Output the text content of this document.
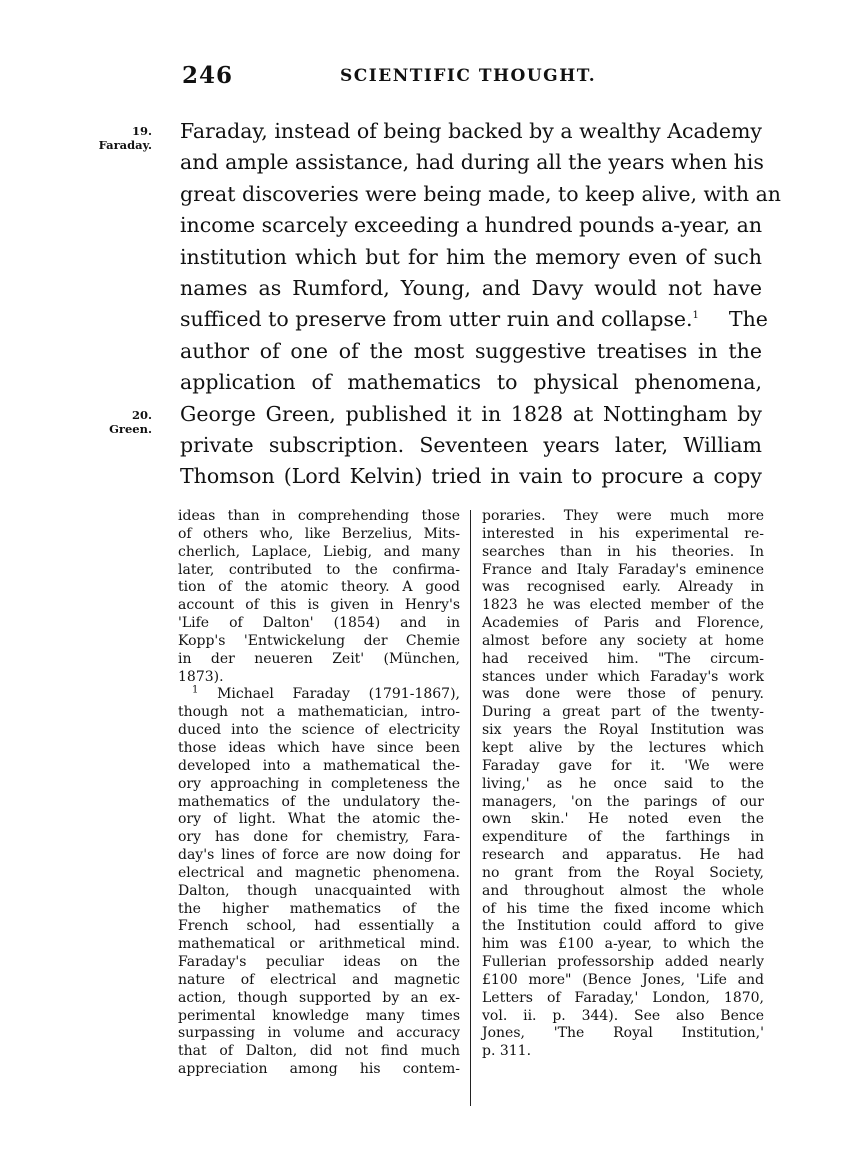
246	SCIENTIFIC THOUGHT.
19.
Faraday.
20.
Green.
Faraday, instead of being backed by a wealthy Academy
and ample assistance, had during all the years when his
great discoveries were being made, to keep alive, with an
income scarcely exceeding a hundred pounds a-year, an
institution which but for him the memory even of such
names as Rumford, Young, and Davy would not have
sufficed to preserve from utter ruin and collapse.$^1$ The
author of one of the most suggestive treatises in the
application of mathematics to physical phenomena,
George Green, published it in 1828 at Nottingham by
private subscription. Seventeen years later, William
Thomson (Lord Kelvin) tried in vain to procure a copy
ideas than in comprehending those
of others who, like Berzelius, Mits-
cherlich, Laplace, Liebig, and many
later, contributed to the confirma-
tion of the atomic theory. A good
account of this is given in Henry's
'Life of Dalton' (1854) and in
Kopp's 'Entwickelung der Chemie
in der neueren Zeit' (München,
1873).
$^1$ Michael Faraday (1791-1867),
though not a mathematician, intro-
duced into the science of electricity
those ideas which have since been
developed into a mathematical the-
ory approaching in completeness the
mathematics of the undulatory the-
ory of light. What the atomic the-
ory has done for chemistry, Fara-
day's lines of force are now doing for
electrical and magnetic phenomena.
Dalton, though unacquainted with
the higher mathematics of the
French school, had essentially a
mathematical or arithmetical mind.
Faraday's peculiar ideas on the
nature of electrical and magnetic
action, though supported by an ex-
perimental knowledge many times
surpassing in volume and accuracy
that of Dalton, did not find much
appreciation among his contem-
poraries. They were much more
interested in his experimental re-
searches than in his theories. In
France and Italy Faraday's eminence
was recognised early. Already in
1823 he was elected member of the
Academies of Paris and Florence,
almost before any society at home
had received him. "The circum-
stances under which Faraday's work
was done were those of penury.
During a great part of the twenty-
six years the Royal Institution was
kept alive by the lectures which
Faraday gave for it. 'We were
living,' as he once said to the
managers, 'on the parings of our
own skin.' He noted even the
expenditure of the farthings in
research and apparatus. He had
no grant from the Royal Society,
and throughout almost the whole
of his time the fixed income which
the Institution could afford to give
him was £100 a-year, to which the
Fullerian professorship added nearly
£100 more" (Bence Jones, 'Life and
Letters of Faraday,' London, 1870,
vol. ii. p. 344). See also Bence
Jones, 'The Royal Institution,'
p. 311.
